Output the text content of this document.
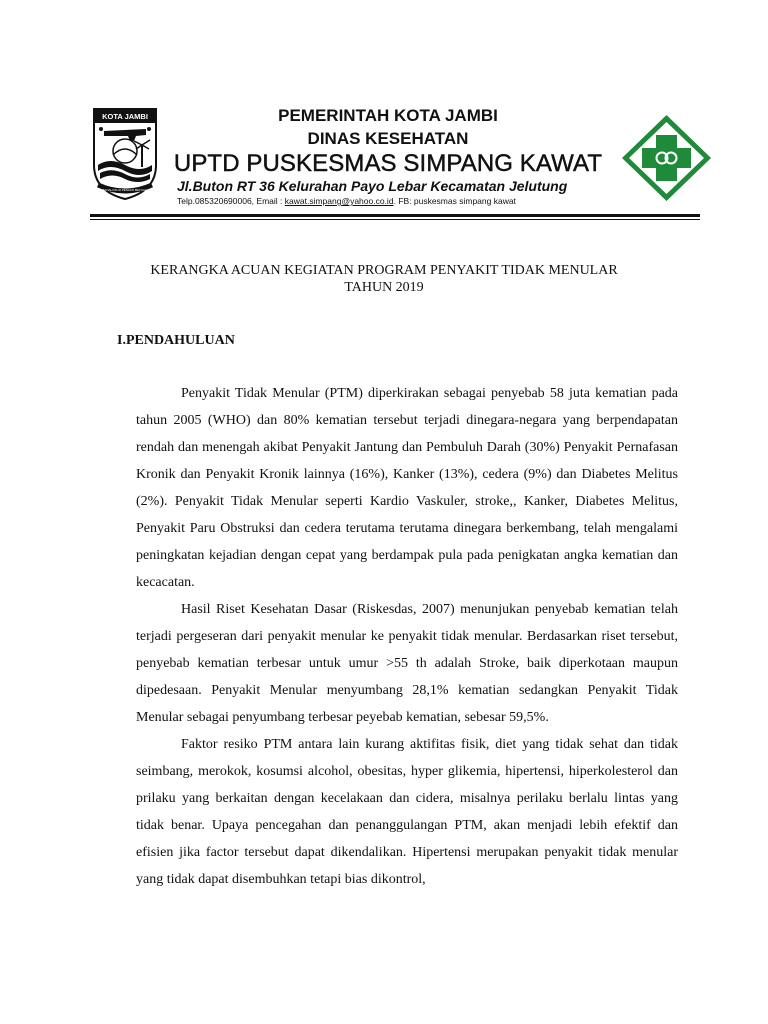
KOTA JAMBI
TANAH PILIH PESAKO BETUAH
PEMERINTAH KOTA JAMBI
DINAS KESEHATAN
UPTD PUSKESMAS SIMPANG KAWAT
Jl.Buton RT 36 Kelurahan Payo Lebar Kecamatan Jelutung
Telp.085320690006, Email : kawat.simpang@yahoo.co.id. FB: puskesmas simpang kawat
KERANGKA ACUAN KEGIATAN PROGRAM PENYAKIT TIDAK MENULAR
TAHUN 2019
I.PENDAHULUAN

Penyakit Tidak Menular (PTM) diperkirakan sebagai penyebab 58 juta kematian pada tahun 2005 (WHO) dan 80% kematian tersebut terjadi dinegara-negara yang berpendapatan rendah dan menengah akibat Penyakit Jantung dan Pembuluh Darah (30%) Penyakit Pernafasan Kronik dan Penyakit Kronik lainnya (16%), Kanker (13%), cedera (9%) dan Diabetes Melitus (2%). Penyakit Tidak Menular seperti Kardio Vaskuler, stroke,, Kanker, Diabetes Melitus, Penyakit Paru Obstruksi dan cedera terutama terutama dinegara berkembang, telah mengalami peningkatan kejadian dengan cepat yang berdampak pula pada penigkatan angka kematian dan kecacatan.

Hasil Riset Kesehatan Dasar (Riskesdas, 2007) menunjukan penyebab kematian telah terjadi pergeseran dari penyakit menular ke penyakit tidak menular. Berdasarkan riset tersebut, penyebab kematian terbesar untuk umur >55 th adalah Stroke, baik diperkotaan maupun dipedesaan. Penyakit Menular menyumbang 28,1% kematian sedangkan Penyakit Tidak Menular sebagai penyumbang terbesar peyebab kematian, sebesar 59,5%.

Faktor resiko PTM antara lain kurang aktifitas fisik, diet yang tidak sehat dan tidak seimbang, merokok, kosumsi alcohol, obesitas, hyper glikemia, hipertensi, hiperkolesterol dan prilaku yang berkaitan dengan kecelakaan dan cidera, misalnya perilaku berlalu lintas yang tidak benar. Upaya pencegahan dan penanggulangan PTM, akan menjadi lebih efektif dan efisien jika factor tersebut dapat dikendalikan. Hipertensi merupakan penyakit tidak menular yang tidak dapat disembuhkan tetapi bias dikontrol,
